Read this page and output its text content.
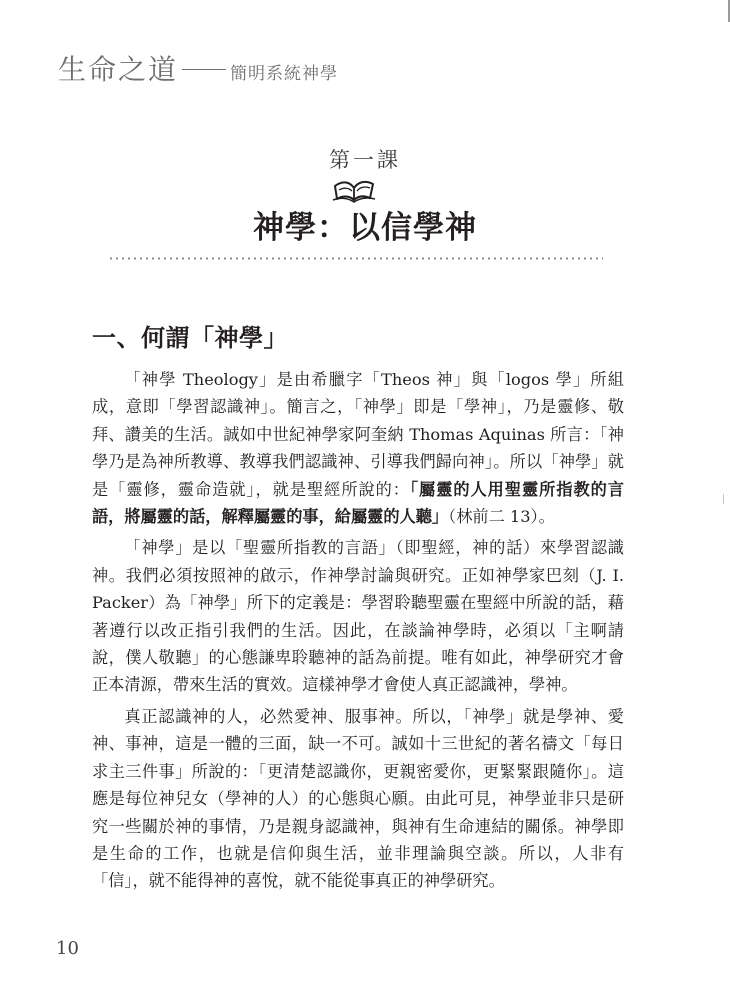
生命之道	簡明系統神學
第一課
神學：以信學神
一、何謂「神學」

「神學 Theology」是由希臘字「Theos 神」與「logos 學」所組成，意即「學習認識神」。簡言之，「神學」即是「學神」，乃是靈修、敬拜、讚美的生活。誠如中世紀神學家阿奎納 Thomas Aquinas 所言：「神學乃是為神所教導、教導我們認識神、引導我們歸向神」。所以「神學」就是「靈修，靈命造就」，就是聖經所說的：「屬靈的人用聖靈所指教的言語，將屬靈的話，解釋屬靈的事，給屬靈的人聽」（林前二 13）。

「神學」是以「聖靈所指教的言語」（即聖經，神的話）來學習認識神。我們必須按照神的啟示，作神學討論與研究。正如神學家巴刻（J. I. Packer）為「神學」所下的定義是：學習聆聽聖靈在聖經中所說的話，藉著遵行以改正指引我們的生活。因此，在談論神學時，必須以「主啊請說，僕人敬聽」的心態謙卑聆聽神的話為前提。唯有如此，神學研究才會正本清源，帶來生活的實效。這樣神學才會使人真正認識神，學神。

真正認識神的人，必然愛神、服事神。所以，「神學」就是學神、愛神、事神，這是一體的三面，缺一不可。誠如十三世紀的著名禱文「每日求主三件事」所說的：「更清楚認識你，更親密愛你，更緊緊跟隨你」。這應是每位神兒女（學神的人）的心態與心願。由此可見，神學並非只是研究一些關於神的事情，乃是親身認識神，與神有生命連結的關係。神學即是生命的工作，也就是信仰與生活，並非理論與空談。所以，人非有「信」，就不能得神的喜悅，就不能從事真正的神學研究。

10
